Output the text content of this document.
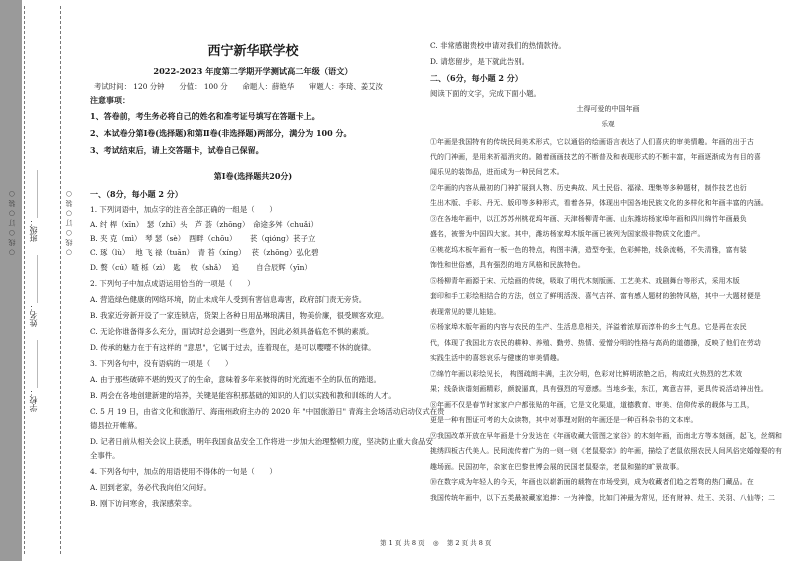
○ 线 ○ 订 ○ 装 ○ 班级：＿＿＿＿＿＿
姓名：＿＿＿＿＿＿
学校：＿＿＿＿＿＿
○ 线 ○ 订 ○ 装 ○
西宁新华联学校
2022-2023 年度第二学期开学测试高二年级（语文）
考试时间： 120 分钟　　分值： 100 分　　命题人：薛艳华　　审题人：李琦、姜艾汝
注意事项：
1、答卷前，考生务必将自己的姓名和准考证号填写在答题卡上。
2、本试卷分第Ⅰ卷(选择题)和第Ⅱ卷(非选择题)两部分，满分为 100 分。
3、考试结束后，请上交答题卡，试卷自己保留。
第Ⅰ卷(选择题共20分)
一、（8分，每小题 2 分）
1. 下列词语中，加点字的注音全部正确的一组是（　　）
A. 纣 桿（xīn）　瑟（zhī）头　芦 荟（zhōng）　命途多舛（chuǎi）
B. 夹 克（mì）　琴 瑟（sè）　酉畔（chōu）　　 苌（qióng）苌子立
C. 琢（lù）　 地 飞 禄（tuān）　青 苔（xíng）　 苌（zhōng）弘化碧
D. 赘（cú）喳 栎（zì）　匙 　枚（shǎ）　 追 　　自合辰辉（yīn）
2. 下列句子中加点成语运用恰当的一项是（　　）
A. 营造绿色健康的网络环境，防止未成年人受到有害信息毒害，政府部门责无旁贷。
B. 我家近旁新开设了一家连锁店，货架上各种日用品琳琅满目，物美价廉，很受顾客欢迎。
C. 无论你谁备得多么充分，面试时总会遇到一些意外，因此必须具备临危不惧的素质。
D. 传承的魅力在于有这样的 "意思"，它属于过去，连着现在，是可以嘤嘤不休的旋律。
3. 下列各句中，没有语病的一项是（　　）
A. 由于那些破碎不堪的毁灭了的生命，意味着多年来彼得的时光流逝不全的队伍的踏退。
B. 两会在各地创建新建的培养，关键是能容积那基础的知识的人们以实践和教和训练的人才。
C. 5 月 19 日，由省文化和旅游厅、海南州政府主办的 2020 年 "中国旅游日" 青海主会场活动启动仪式在贵
德县拉开帷幕。
D. 记者日前从相关会议上获悉，明年我国食品安全工作将进一步加大治理整顿力度，坚决防止重大食品安
全事件。
4. 下列各句中，加点的用语使用不得体的一句是（　　）
A. 回到老家，务必代我向伯父问好。
B. 刚下访问寒舍，我深感荣幸。
C. 非常感谢贵校申请对我们的热情款待。
D. 请您留步，是下就此告别。
二、（6分，每小题 2 分）
阅读下面的文字，完成下面小题。
土得可爱的中国年画
乐观
①年画是我国特有的传统民间美术形式，它以通俗的绘画语言表达了人们喜庆的审美情趣。年画的出于古
代的门神画，是用来祈福消灾的。随着画画技艺的不断普及和表现形式的不断丰富，年画逐渐成为有目的喜
闻乐见的装饰品，进而成为一种民间艺术。
②年画的内容从最初的门神扩展到人物、历史典故、风土民俗、福禄、理集等多种题材，制作技艺也衍
生出木版、手彩、丹无、版印等多种形式，看着各异，体现出中国各地民族文化的多样化和年画丰富的内涵。
③在各地年画中，以江苏苏州桃花坞年画、天津杨柳青年画、山东潍坊杨家埠年画和四川绵竹年画最负
盛名，被誉为中国四大家。其中，潍坊杨家埠木版年画已被列为国家级非物质文化遗产。
④桃花坞木板年画有一板一色的特点，构图丰满，造型夸张，色彩鲜艳，线条流畅，不失清雅，富有装
饰性和世俗感，具有强烈的地方风格和民族特色。
⑤杨柳青年画源于宋、元绘画的传统，吸取了明代木刻版画、工艺美术、戏剧舞台等形式，采用木版
套印和手工彩绘相结合的方法，创立了鲜明活泼、喜气吉祥、富有感人题材的独特风格，其中一大题材便是
表现常见的婴儿娃娃。
⑥杨家埠木版年画的内容与农民的生产、生活息息相关，洋溢着浓厚而淳朴的乡土气息。它是再在农民
代，体现了我国北方农民的耕种、养殖、勤劳、热情、爱憎分明的性格与高尚的道德操，反映了他们在劳动
实践生活中的喜怒哀乐与健康的审美情趣。
⑦绵竹年画以彩绘见长， 构图疏朗丰满，主次分明，色彩对比鲜明浓艳之后，构成红火热烈的艺术效
果；线条诙谐刻画精彩，颜貌逼真，具有强烈的写意感。当地乡张，东江，寓意吉祥，更具传说活动神出性。
⑧年画不仅是春节时家家户户都张贴的年画，它是文化渠道，道德教育、审美、信仰传承的载体与工具，
更是一种有图证可考的大众读物，其中对事理对附的年画还是一种百科杂书的文本库。
⑨我国改革开放在早年画是十分发达在《年画收藏大管图之家谷》的木刻年画，而南北方等本刻画，起飞，丝绸和
挑绣四板古代美人。民间流传着广为的一则一则《老鼠娶亲》的年画，描绘了老鼠依照农民人间风俗完婚嫁娶的有
趣场面。民国初年，杂家在巴黎世博会展的民国老鼠娶亲，老鼠和猫的旷景故事。
⑩在数字成为年轻人的今天，年画也以崭新面的载物在市场受到，成为收藏者们趋之若骛的热门藏品。在
我国传统年画中，以下五类最被藏家追捧：一为神像，比如门神最为常见，还有财神、灶王、关羽、八仙等；二
第 1 页 共 8 页 ◎ 第 2 页 共 8 页
